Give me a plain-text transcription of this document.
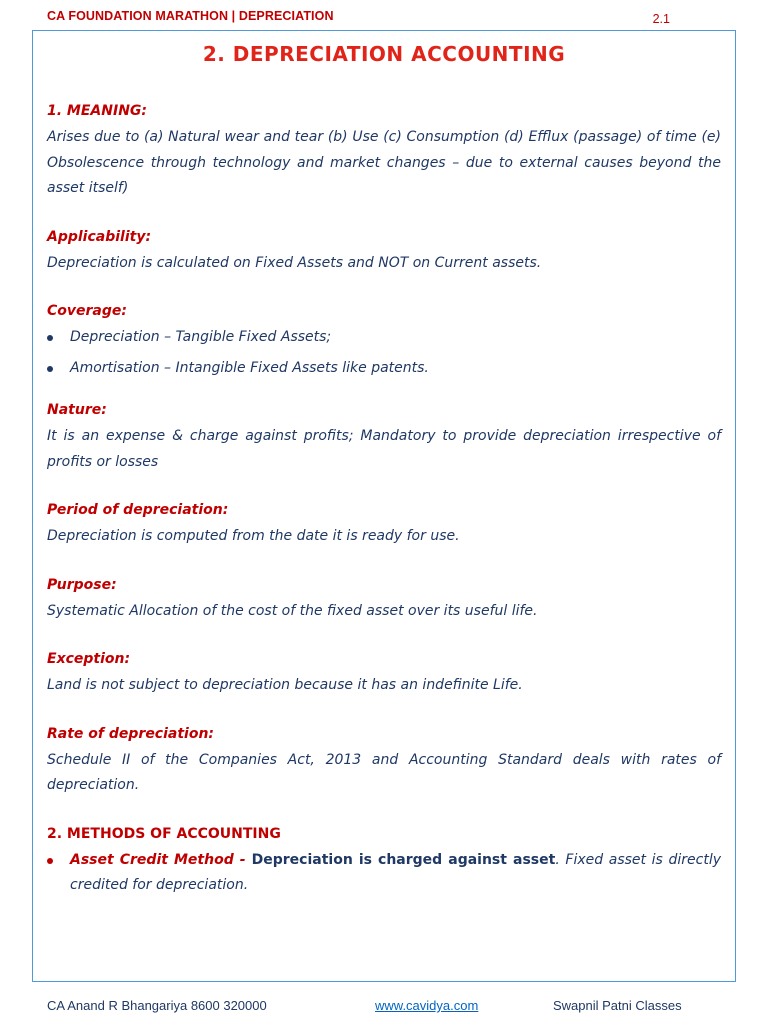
CA FOUNDATION MARATHON | DEPRECIATION	2.1
2. DEPRECIATION ACCOUNTING
1. MEANING:

Arises due to (a) Natural wear and tear (b) Use (c) Consumption (d) Efflux (passage) of time (e) Obsolescence through technology and market changes – due to external causes beyond the asset itself)

Applicability:

Depreciation is calculated on Fixed Assets and NOT on Current assets.

Coverage:
Depreciation – Tangible Fixed Assets;
Amortisation – Intangible Fixed Assets like patents.
Nature:

It is an expense & charge against profits; Mandatory to provide depreciation irrespective of profits or losses

Period of depreciation:

Depreciation is computed from the date it is ready for use.

Purpose:

Systematic Allocation of the cost of the fixed asset over its useful life.

Exception:

Land is not subject to depreciation because it has an indefinite Life.

Rate of depreciation:

Schedule II of the Companies Act, 2013 and Accounting Standard deals with rates of depreciation.

2. METHODS OF ACCOUNTING
Asset Credit Method - Depreciation is charged against asset. Fixed asset is directly credited for depreciation.
CA Anand R Bhangariya 8600 320000	www.cavidya.com	Swapnil Patni Classes
